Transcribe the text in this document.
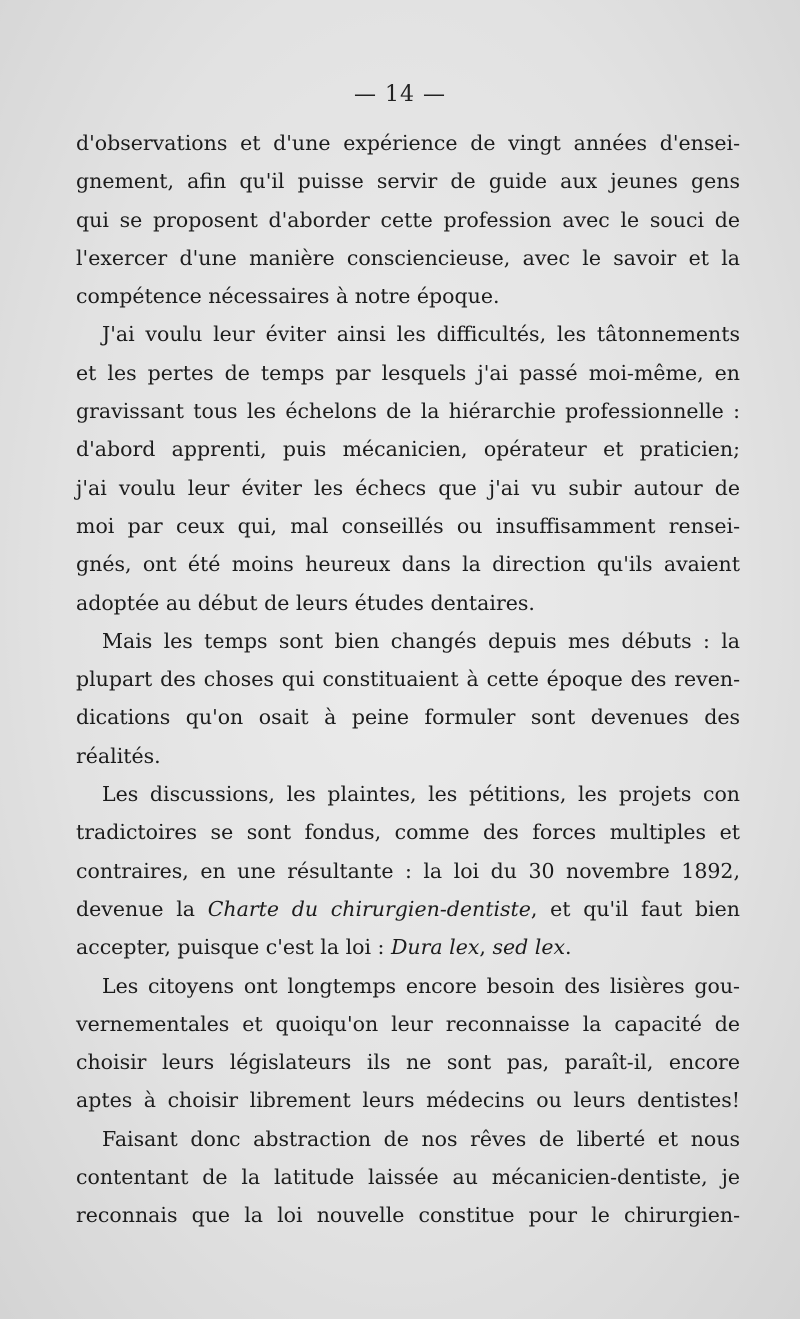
— 14 —

d'observations et d'une expérience de vingt années d'ensei-
gnement, afin qu'il puisse servir de guide aux jeunes gens
qui se proposent d'aborder cette profession avec le souci de
l'exercer d'une manière consciencieuse, avec le savoir et la
compétence nécessaires à notre époque.

J'ai voulu leur éviter ainsi les difficultés, les tâtonnements
et les pertes de temps par lesquels j'ai passé moi-même, en
gravissant tous les échelons de la hiérarchie professionnelle :
d'abord apprenti, puis mécanicien, opérateur et praticien;
j'ai voulu leur éviter les échecs que j'ai vu subir autour de
moi par ceux qui, mal conseillés ou insuffisamment rensei-
gnés, ont été moins heureux dans la direction qu'ils avaient
adoptée au début de leurs études dentaires.

Mais les temps sont bien changés depuis mes débuts : la
plupart des choses qui constituaient à cette époque des reven-
dications qu'on osait à peine formuler sont devenues des
réalités.

Les discussions, les plaintes, les pétitions, les projets con
tradictoires se sont fondus, comme des forces multiples et
contraires, en une résultante : la loi du 30 novembre 1892,
devenue la Charte du chirurgien-dentiste, et qu'il faut bien
accepter, puisque c'est la loi : Dura lex, sed lex.

Les citoyens ont longtemps encore besoin des lisières gou-
vernementales et quoiqu'on leur reconnaisse la capacité de
choisir leurs législateurs ils ne sont pas, paraît-il, encore
aptes à choisir librement leurs médecins ou leurs dentistes!

Faisant donc abstraction de nos rêves de liberté et nous
contentant de la latitude laissée au mécanicien-dentiste, je
reconnais que la loi nouvelle constitue pour le chirurgien-
